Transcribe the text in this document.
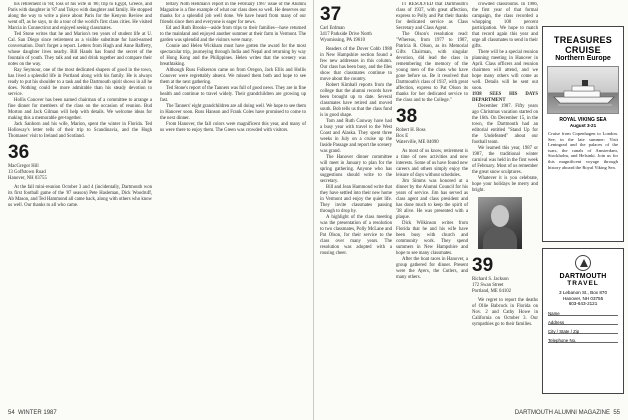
his retirement in '84; loss of his wife in '86; trip to Egypt, Greece, and Paris with daughter in '87 and Tokyo with daughter and family. He stopped along the way to write a piece about Paris for the Kenyon Review and went off, as he says, to do a tour of the world's first class cities. He visited Marcia in Connecticut and enjoyed seeing classmates.

Ted Stone writes that he and Marion's ten years of student life at U. Cal. San Diego since retirement as a visible substitute for hard-earned conversation. Don't forget a report. Letters from Hugh and Anne Rafferty, whose daughter lives nearby. Bill Hands has found the secret of the fountain of youth. They talk and eat and drink together and compare their notes on the way.

Ray Seymour, one of the most dedicated shapers of good in the town, has lived a splendid life in Portland along with his family. He is always ready to put his shoulder to a task and the Dartmouth spirit shows in all he does. Nothing could be more admirable than his steady devotion to service.

Hollis Conover has been named chairman of a committee to arrange a fine dinner for members of the class on the occasion of reunion. Bud Morton and Jack Gilman will help with details. We welcome ideas for making this a memorable get-together.

Jack Sanborn and his wife, Marion, spent the winter in Florida. Ted Holloway's letter tells of their trip to Scandinavia, and the Hugh Thomases' visit to Ireland and Scotland.

36
MacGregor Hill
13 Goffstown Road
Hanover, NH 03755

At the fall mini-reunion October 3 and 4 (incidentally, Dartmouth won its first football game of the '87 season) Pete Hasleman, Dick Woodruff, Ab Mason, and Ted Hammond all came back, along with others who know us well. Our thanks to all who came.

tertary Noth Heliman's report in the February 1987 issue of the Alumni Magazine is a fine example of what our class does so well. He deserves our thanks for a splendid job well done. We have heard from many of our friends since then and everyone is eager for news.

Ed and Ruth Brooks—aside from trips to their families—have returned to the mainland and enjoyed another summer at their farm in Vermont. The garden was splendid and the visitors were many.

Connie and Helen Wickham must have gotten the award for the most spectacular trip, journeying through India and Nepal and returning by way of Hong Kong and the Philippines. Helen writes that the scenery was breathtaking.

Although Russ Folkerson came on from Oregon, Jack Ellis and Hollis Conover were regrettably absent. We missed them both and hope to see them at the next gathering.

Ted Stone's report of the Tanners was full of good news. They are in fine health and continue to travel widely. Their grandchildren are growing up fast.

The Tanners' eight grandchildren are all doing well. We hope to see them in Hanover soon. Russ Hanson and Frank Coles have promised to come to the next dinner.

From Hanover, the fall colors were magnificent this year, and many of us were there to enjoy them. The Green was crowded with visitors.

54 WINTER 1987
37
Carl Erdman
3417 Parkside Drive North
Wyomissing, PA 19610

Readers of the Dover Cobb 1988 in New Hampshire section found a few new addresses in this column. Our class has been busy, and the files show that classmates continue to move about the country.

Robert Kimball reports from the college that the alumni records have been brought up to date. Several classmates have retired and moved south. Bob tells us that the class fund is in good shape.

Tom and Ruth Conway have had a busy year with travel to the West Coast and Alaska. They spent three weeks in July on a cruise up the Inside Passage and report the scenery was grand.

The Hanover dinner committee will meet in January to plan for the spring gathering. Anyone who has suggestions should write to the secretary.

Bill and Jean Hammond write that they have settled into their new home in Vermont and enjoy the quiet life. They invite classmates passing through to drop by.

A highlight of the class meeting was the presentation of a resolution to two classmates, Polly McLane and Pat Olson, for their service to the class over many years. The resolution was adopted with a rousing cheer.

IT RESOLVED that Dartmouth's class of 1937, with great affection, express to Polly and Pat their thanks for dedicated service as Class Secretary and Class Agent.

The Olson's resolution read: "Whereas, from 1977 to 1987, Patricia R. Olson, as its Memorial Gifts Chairman, with singular devotion, did lead the class in remembering the memory of the young men of the class who have gone before us. Be it resolved that Dartmouth's class of 1937, with great affection, express to Pat Olson its thanks for her dedicated service to the class and to the College."

38
Robert H. Ross
Box E
Waterville, ME 04090

As most of us know, retirement is a time of new activities and new interests. Some of us have found new careers and others simply enjoy the leisure of days without schedules.

Jim Simms was honored at a dinner by the Alumni Council for his years of service. Jim has served as class agent and class president and has done much to keep the spirit of '38 alive. He was presented with a plaque.

Dick Wilkinson writes from Florida that he and his wife have been busy with church and community work. They spend summers in New Hampshire and hope to see many classmates.

After the boat races in Hanover, a group gathered for dinner. Present were the Ayers, the Cutlers, and many others.

crowded classrooms. In 1986, the first year of that formal campaign, the class recorded a whopping 100 percent participation. We hope to match that record again this year and urge all classmates to send in their gifts.

There will be a special reunion planning meeting in Hanover in April. Class officers and reunion chairmen will attend, and we hope many others will come as well. Details will be sent out soon.

1938 SEES HIS DAYS DEPARTMENT

December 1987. Fifty years ago Christmas vacation started on the 16th. On December 15, in the town, the Dartmouth had an editorial entitled "Stand Up for the Undefeated" about our football team.

We learned this year, 1987 or 1987, the traditional winter carnival was held in the first week of February. Most of us remember the great snow sculptures.

Whatever it is you celebrate, hope your holidays be merry and bright.

39
Richard S. Jackson
172 Swan Street
Portland, ME 04102

We regret to report the deaths of Ollie Babcock in Florida on Nov. 2 and Cathy Howe in California on October 3. Our sympathies go to their families.

DARTMOUTH ALUMNI MAGAZINE 55
TREASURES CRUISE
Northern Europe
ROYAL VIKING SEA
August 3-21
Cruise from Copenhagen to London. See, in the late summer: Visit Leningrad and the palaces of the tsars, the canals of Amsterdam, Stockholm, and Helsinki. Join us for this magnificent voyage through history aboard the Royal Viking Sea.
DARTMOUTH
TRAVEL
3 Lebanon St., Box 870
Hanover, NH 03755
603-643-2121
Name
Address
City / State / Zip
Telephone No.
